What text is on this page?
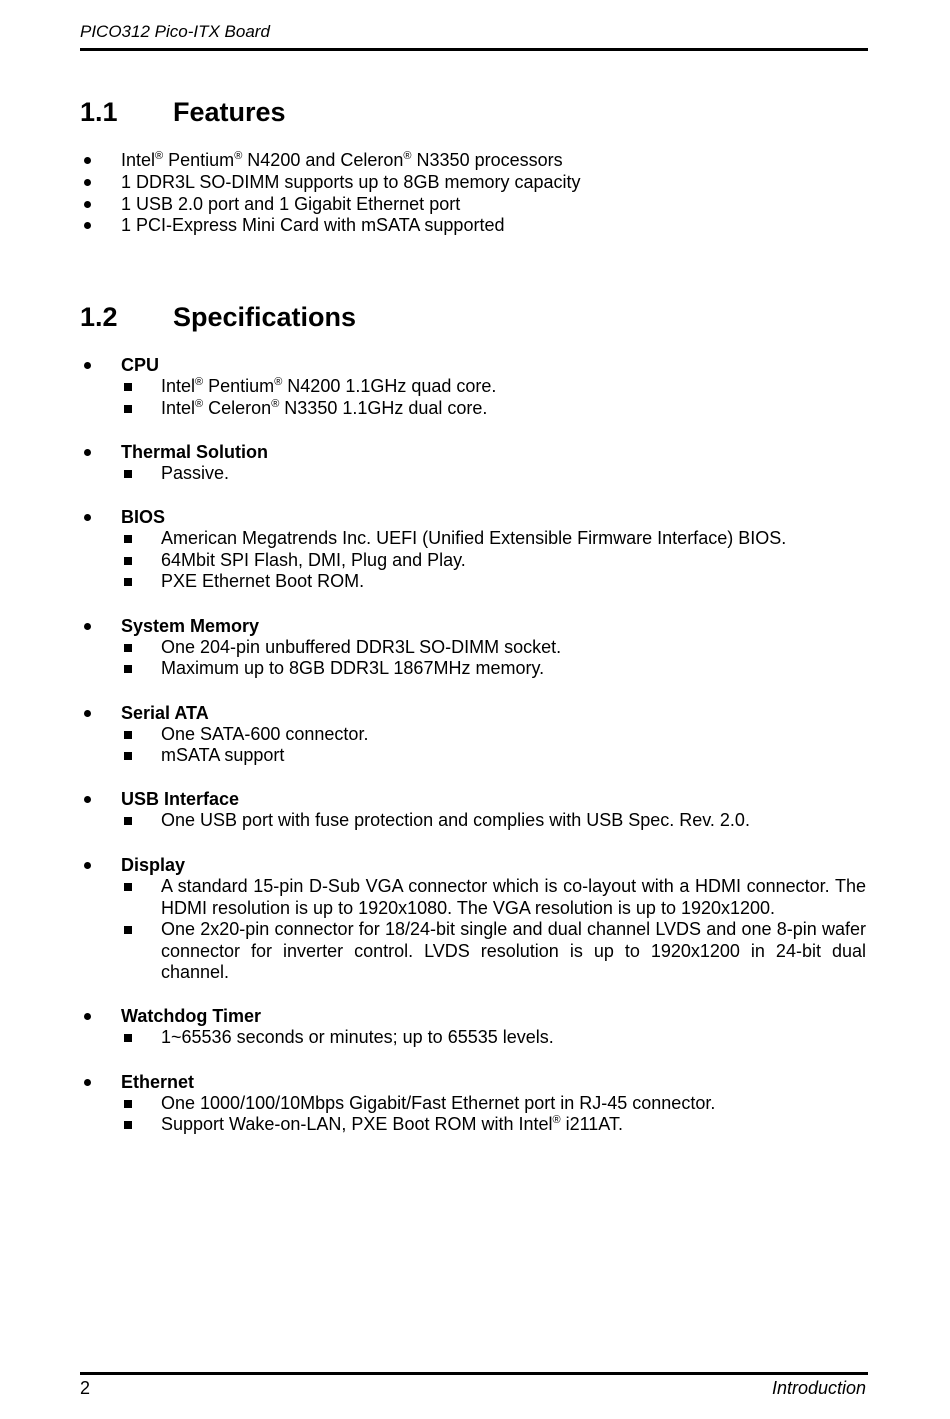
PICO312 Pico-ITX Board
2	Introduction
1.1 Features
Intel® Pentium® N4200 and Celeron® N3350 processors
1 DDR3L SO-DIMM supports up to 8GB memory capacity
1 USB 2.0 port and 1 Gigabit Ethernet port
1 PCI-Express Mini Card with mSATA supported
1.2 Specifications
CPU
Intel® Pentium® N4200 1.1GHz quad core.
Intel® Celeron® N3350 1.1GHz dual core.
Thermal Solution
Passive.
BIOS
American Megatrends Inc. UEFI (Unified Extensible Firmware Interface) BIOS.
64Mbit SPI Flash, DMI, Plug and Play.
PXE Ethernet Boot ROM.
System Memory
One 204-pin unbuffered DDR3L SO-DIMM socket.
Maximum up to 8GB DDR3L 1867MHz memory.
Serial ATA
One SATA-600 connector.
mSATA support
USB Interface
One USB port with fuse protection and complies with USB Spec. Rev. 2.0.
Display
A standard 15-pin D-Sub VGA connector which is co-layout with a HDMI connector. The HDMI resolution is up to 1920x1080. The VGA resolution is up to 1920x1200.
One 2x20-pin connector for 18/24-bit single and dual channel LVDS and one 8-pin wafer connector for inverter control. LVDS resolution is up to 1920x1200 in 24-bit dual channel.
Watchdog Timer
1~65536 seconds or minutes; up to 65535 levels.
Ethernet
One 1000/100/10Mbps Gigabit/Fast Ethernet port in RJ-45 connector.
Support Wake-on-LAN, PXE Boot ROM with Intel® i211AT.
